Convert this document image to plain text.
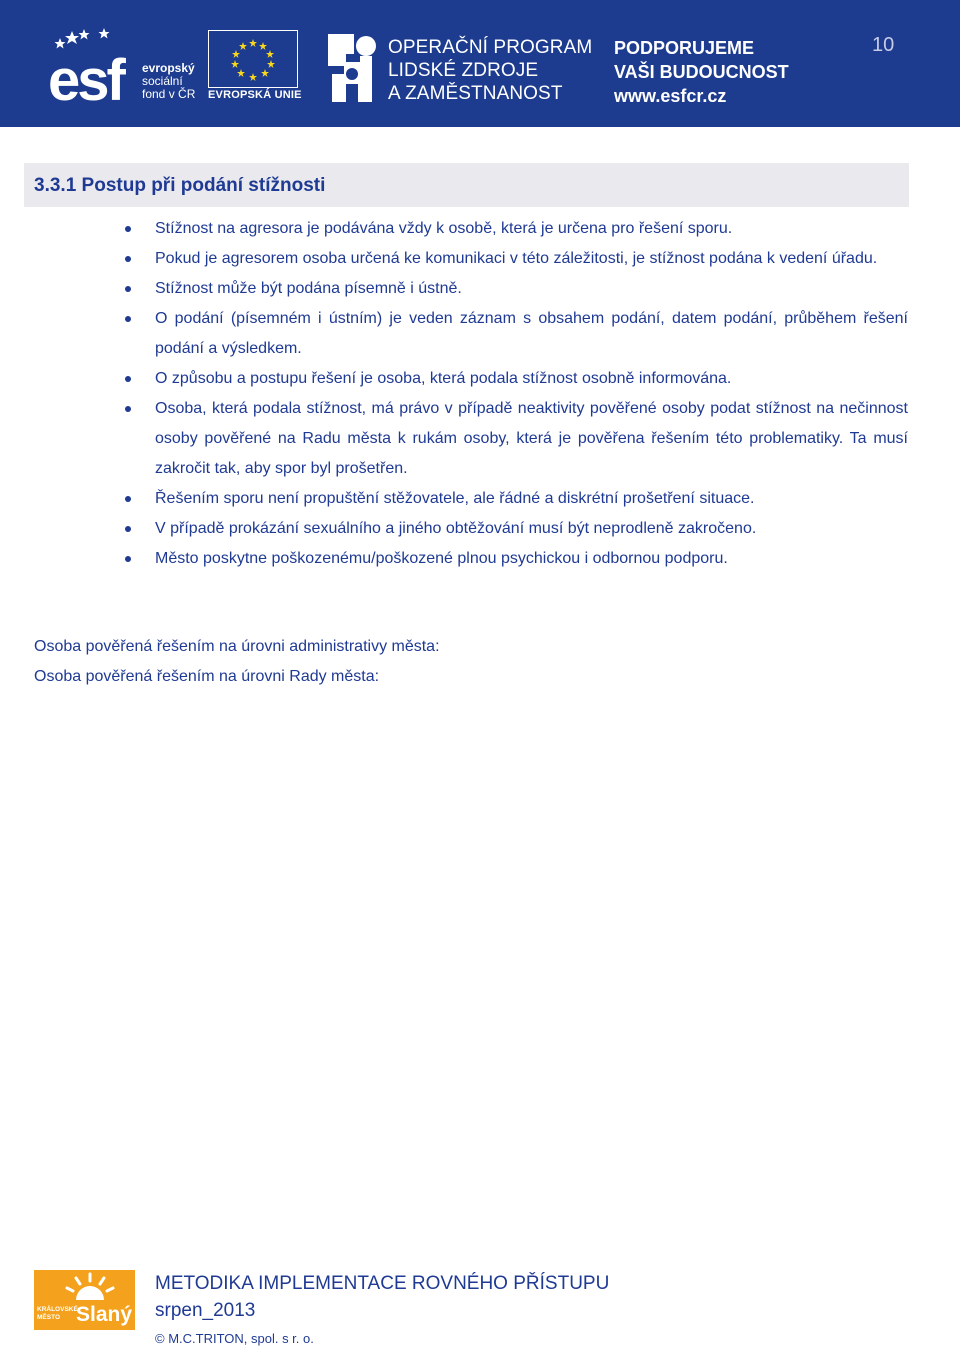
esf	evropský
sociální
fond v ČR EVROPSKÁ UNIE
OPERAČNÍ PROGRAM
LIDSKÉ ZDROJE
A ZAMĚSTNANOST
PODPORUJEME
VAŠI BUDOUCNOST
www.esfcr.cz
10
3.3.1 Postup při podání stížnosti
Stížnost na agresora je podávána vždy k osobě, která je určena pro řešení sporu.
Pokud je agresorem osoba určená ke komunikaci v této záležitosti, je stížnost podána k vedení úřadu.
Stížnost může být podána písemně i ústně.
O podání (písemném i ústním) je veden záznam s obsahem podání, datem podání, průběhem řešení podání a výsledkem.
O způsobu a postupu řešení je osoba, která podala stížnost osobně informována.
Osoba, která podala stížnost, má právo v případě neaktivity pověřené osoby podat stížnost na nečinnost osoby pověřené na Radu města k rukám osoby, která je pověřena řešením této problematiky. Ta musí zakročit tak, aby spor byl prošetřen.
Řešením sporu není propuštění stěžovatele, ale řádné a diskrétní prošetření situace.
V případě prokázání sexuálního a jiného obtěžování musí být neprodleně zakročeno.
Město poskytne poškozenému/poškozené plnou psychickou i odbornou podporu.
Osoba pověřená řešením na úrovni administrativy města:
Osoba pověřená řešením na úrovni Rady města:
KRÁLOVSKÉ
MĚSTO Slaný
METODIKA IMPLEMENTACE ROVNÉHO PŘÍSTUPU
srpen_2013
© M.C.TRITON, spol. s r. o.
